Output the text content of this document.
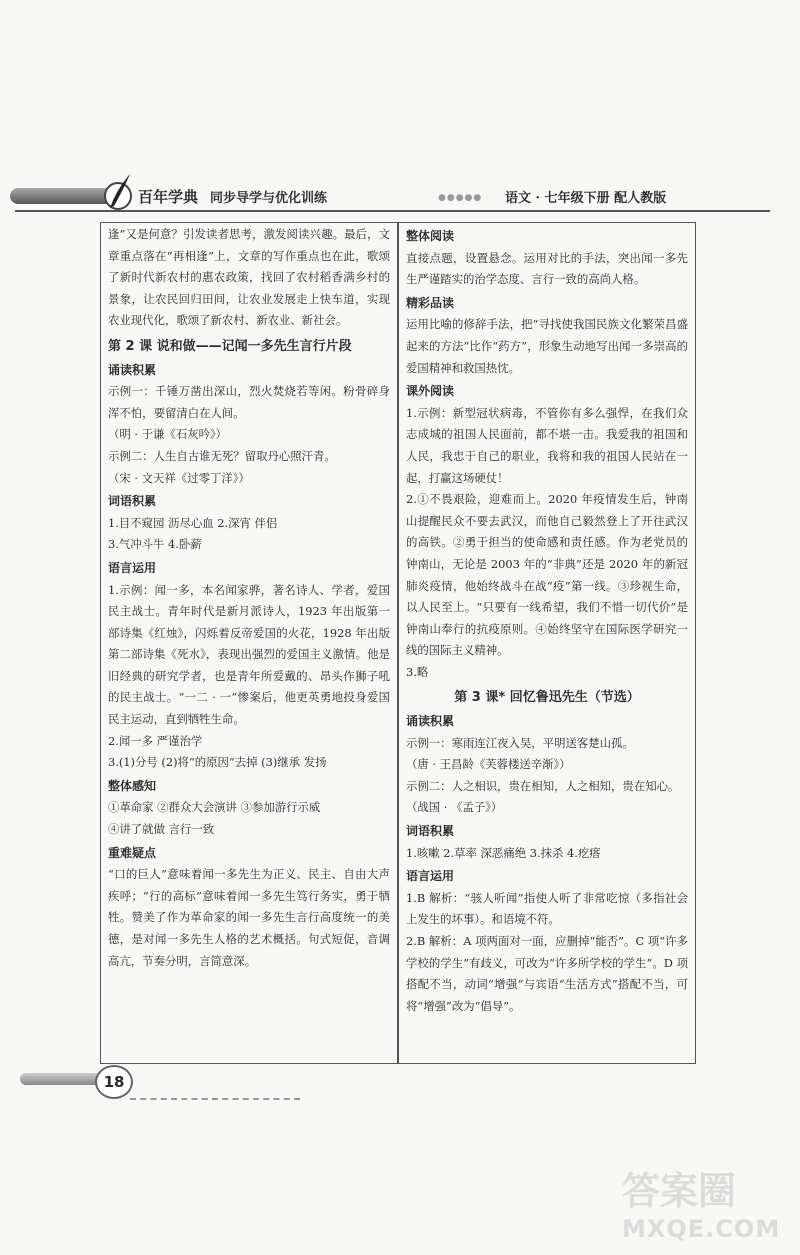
百年学典 同步导学与优化训练	●●●●● 语文 · 七年级下册 配人教版

逢”又是何意？引发读者思考，激发阅读兴趣。最后，文章重点落在“再相逢”上，文章的写作重点也在此，歌颂了新时代新农村的惠农政策，找回了农村稻香满乡村的景象，让农民回归田间，让农业发展走上快车道，实现农业现代化，歌颂了新农村、新农业、新社会。

第 2 课 说和做——记闻一多先生言行片段
诵读积累

示例一：千锤万凿出深山，烈火焚烧若等闲。粉骨碎身浑不怕，要留清白在人间。

（明 · 于谦《石灰吟》）

示例二：人生自古谁无死？留取丹心照汗青。

（宋 · 文天祥《过零丁洋》）

词语积累

1.目不窥园 沥尽心血 2.深宵 伴侣

3.气冲斗牛 4.卧薪

语言运用

1.示例：闻一多，本名闻家骅，著名诗人、学者，爱国民主战士。青年时代是新月派诗人，1923 年出版第一部诗集《红烛》，闪烁着反帝爱国的火花，1928 年出版第二部诗集《死水》，表现出强烈的爱国主义激情。他是旧经典的研究学者，也是青年所爱戴的、昂头作狮子吼的民主战士。“一二 · 一”惨案后，他更英勇地投身爱国民主运动，直到牺牲生命。

2.闻一多 严谨治学

3.(1)分号 (2)将“的原因”去掉 (3)继承 发扬

整体感知

①革命家 ②群众大会演讲 ③参加游行示威

④讲了就做 言行一致

重难疑点

“口的巨人”意味着闻一多先生为正义、民主、自由大声疾呼；“行的高标”意味着闻一多先生笃行务实，勇于牺牲。赞美了作为革命家的闻一多先生言行高度统一的美德，是对闻一多先生人格的艺术概括。句式短促，音调高亢，节奏分明，言简意深。

整体阅读

直接点题，设置悬念。运用对比的手法，突出闻一多先生严谨踏实的治学态度、言行一致的高尚人格。

精彩品读

运用比喻的修辞手法，把“寻找使我国民族文化繁荣昌盛起来的方法”比作“药方”，形象生动地写出闻一多崇高的爱国精神和救国热忱。

课外阅读

1.示例：新型冠状病毒，不管你有多么强悍，在我们众志成城的祖国人民面前，都不堪一击。我爱我的祖国和人民，我忠于自己的职业，我将和我的祖国人民站在一起，打赢这场硬仗！

2.①不畏艰险，迎难而上。2020 年疫情发生后，钟南山提醒民众不要去武汉，而他自己毅然登上了开往武汉的高铁。②勇于担当的使命感和责任感。作为老党员的钟南山，无论是 2003 年的“非典”还是 2020 年的新冠肺炎疫情，他始终战斗在战“疫”第一线。③珍视生命，以人民至上。“只要有一线希望，我们不惜一切代价”是钟南山奉行的抗疫原则。④始终坚守在国际医学研究一线的国际主义精神。

3.略

第 3 课* 回忆鲁迅先生（节选）
诵读积累

示例一：寒雨连江夜入吴，平明送客楚山孤。

（唐 · 王昌龄《芙蓉楼送辛渐》）

示例二：人之相识，贵在相知，人之相知，贵在知心。

（战国 · 《孟子》）

词语积累

1.咳嗽 2.草率 深恶痛绝 3.抹杀 4.疙瘩

语言运用

1.B 解析：“骇人听闻”指使人听了非常吃惊（多指社会上发生的坏事）。和语境不符。

2.B 解析：A 项两面对一面，应删掉“能否”。C 项“许多学校的学生”有歧义，可改为“许多所学校的学生”。D 项搭配不当，动词“增强”与宾语“生活方式”搭配不当，可将“增强”改为“倡导”。

18
答案圈
MXQE.COM
